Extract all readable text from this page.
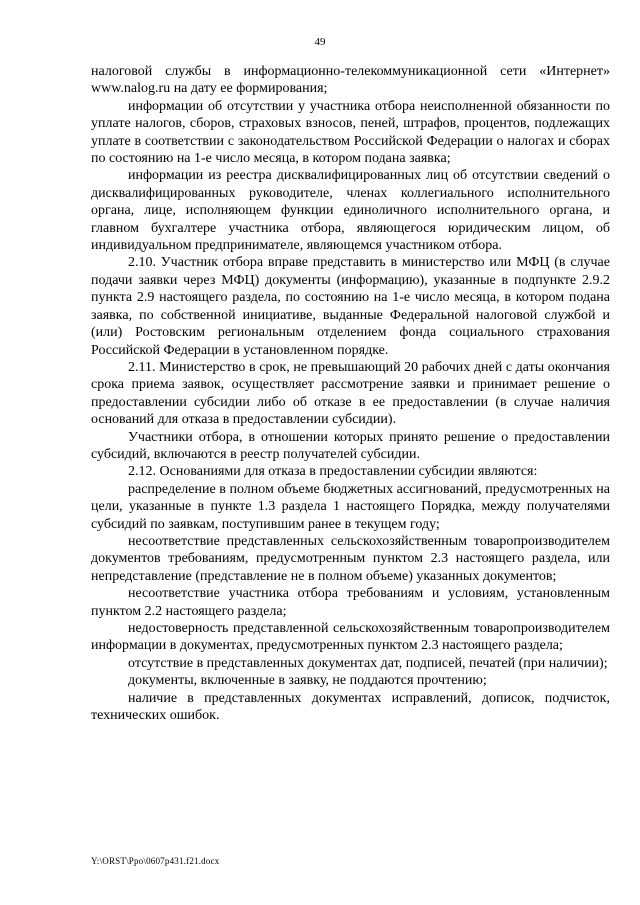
49

налоговой службы в информационно-телекоммуникационной сети «Интернет» www.nalog.ru на дату ее формирования;

информации об отсутствии у участника отбора неисполненной обязанности по уплате налогов, сборов, страховых взносов, пеней, штрафов, процентов, подлежащих уплате в соответствии с законодательством Российской Федерации о налогах и сборах по состоянию на 1-е число месяца, в котором подана заявка;

информации из реестра дисквалифицированных лиц об отсутствии сведений о дисквалифицированных руководителе, членах коллегиального исполнительного органа, лице, исполняющем функции единоличного исполнительного органа, и главном бухгалтере участника отбора, являющегося юридическим лицом, об индивидуальном предпринимателе, являющемся участником отбора.

2.10. Участник отбора вправе представить в министерство или МФЦ (в случае подачи заявки через МФЦ) документы (информацию), указанные в подпункте 2.9.2 пункта 2.9 настоящего раздела, по состоянию на 1-е число месяца, в котором подана заявка, по собственной инициативе, выданные Федеральной налоговой службой и (или) Ростовским региональным отделением фонда социального страхования Российской Федерации в установленном порядке.

2.11. Министерство в срок, не превышающий 20 рабочих дней с даты окончания срока приема заявок, осуществляет рассмотрение заявки и принимает решение о предоставлении субсидии либо об отказе в ее предоставлении (в случае наличия оснований для отказа в предоставлении субсидии).

Участники отбора, в отношении которых принято решение о предоставлении субсидий, включаются в реестр получателей субсидии.

2.12. Основаниями для отказа в предоставлении субсидии являются:

распределение в полном объеме бюджетных ассигнований, предусмотренных на цели, указанные в пункте 1.3 раздела 1 настоящего Порядка, между получателями субсидий по заявкам, поступившим ранее в текущем году;

несоответствие представленных сельскохозяйственным товаропроизводителем документов требованиям, предусмотренным пунктом 2.3 настоящего раздела, или непредставление (представление не в полном объеме) указанных документов;

несоответствие участника отбора требованиям и условиям, установленным пунктом 2.2 настоящего раздела;

недостоверность представленной сельскохозяйственным товаропроизводителем информации в документах, предусмотренных пунктом 2.3 настоящего раздела;

отсутствие в представленных документах дат, подписей, печатей (при наличии);

документы, включенные в заявку, не поддаются прочтению;

наличие в представленных документах исправлений, дописок, подчисток, технических ошибок.

Y:\ORST\Ppo\0607p431.f21.docx
